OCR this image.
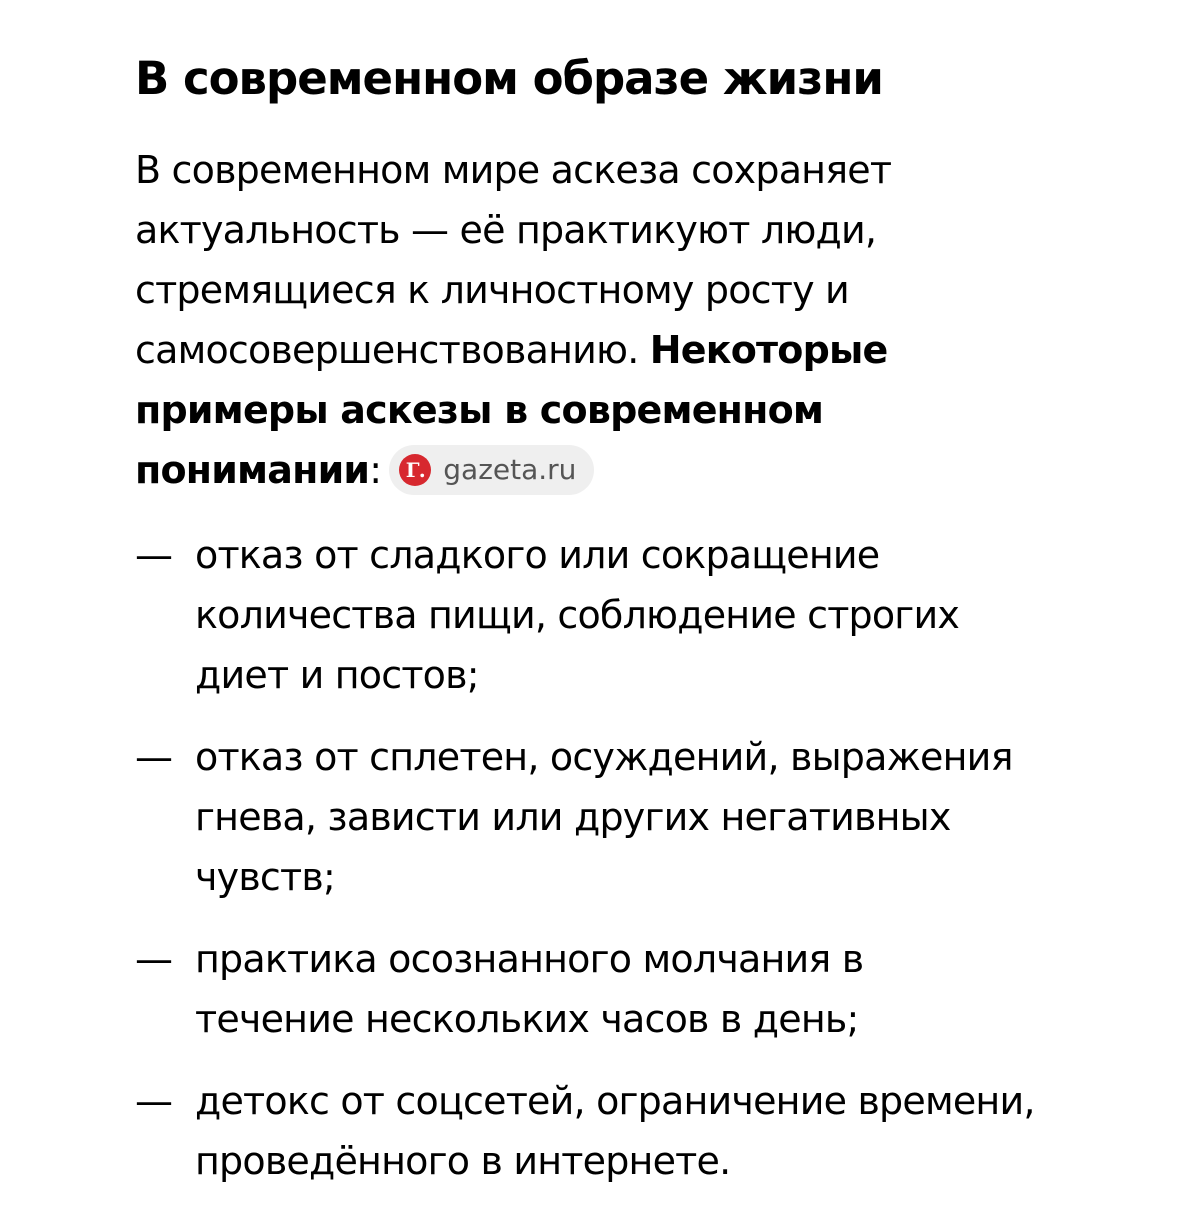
В современном образе жизни
В современном мире аскеза сохраняет
актуальность — её практикуют люди,
стремящиеся к личностному росту и
самосовершенствованию. Некоторые
примеры аскезы в современном
понимании:	Г. gazeta.ru
— отказ от сладкого или сокращение
количества пищи, соблюдение строгих
диет и постов;
— отказ от сплетен, осуждений, выражения
гнева, зависти или других негативных
чувств;
— практика осознанного молчания в
течение нескольких часов в день;
— детокс от соцсетей, ограничение времени,
проведённого в интернете.
